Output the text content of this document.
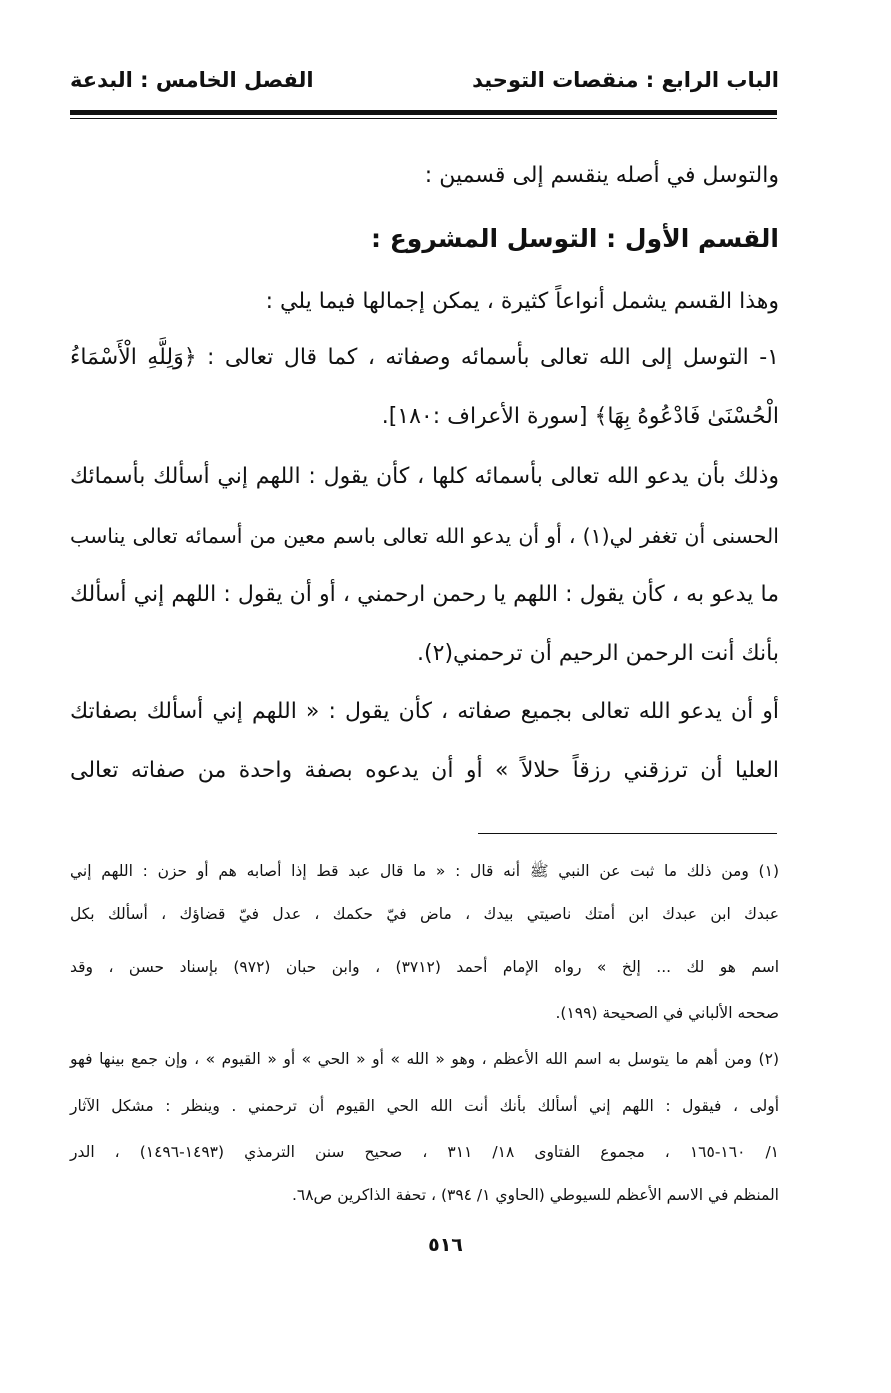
الباب الرابع : منقصات التوحيد
الفصل الخامس : البدعة
والتوسل في أصله ينقسم إلى قسمين :
القسم الأول : التوسل المشروع :
وهذا القسم يشمل أنواعاً كثيرة ، يمكن إجمالها فيما يلي :
١- التوسل إلى الله تعالى بأسمائه وصفاته ، كما قال تعالى : ﴿وَلِلَّهِ الْأَسْمَاءُ
الْحُسْنَىٰ فَادْعُوهُ بِهَا﴾ [سورة الأعراف :١٨٠].
وذلك بأن يدعو الله تعالى بأسمائه كلها ، كأن يقول : اللهم إني أسألك بأسمائك
الحسنى أن تغفر لي(١) ، أو أن يدعو الله تعالى باسم معين من أسمائه تعالى يناسب
ما يدعو به ، كأن يقول : اللهم يا رحمن ارحمني ، أو أن يقول : اللهم إني أسألك
بأنك أنت الرحمن الرحيم أن ترحمني(٢).
أو أن يدعو الله تعالى بجميع صفاته ، كأن يقول : « اللهم إني أسألك بصفاتك
العليا أن ترزقني رزقاً حلالاً » أو أن يدعوه بصفة واحدة من صفاته تعالى
(١) ومن ذلك ما ثبت عن النبي ﷺ أنه قال : « ما قال عبد قط إذا أصابه هم أو حزن : اللهم إني
عبدك ابن عبدك ابن أمتك ناصيتي بيدك ، ماض فيّ حكمك ، عدل فيّ قضاؤك ، أسألك بكل
اسم هو لك ... إلخ » رواه الإمام أحمد (٣٧١٢) ، وابن حبان (٩٧٢) بإسناد حسن ، وقد
صححه الألباني في الصحيحة (١٩٩).
(٢) ومن أهم ما يتوسل به اسم الله الأعظم ، وهو « الله » أو « الحي » أو « القيوم » ، وإن جمع بينها فهو
أولى ، فيقول : اللهم إني أسألك بأنك أنت الله الحي القيوم أن ترحمني . وينظر : مشكل الآثار
١/ ١٦٠-١٦٥ ، مجموع الفتاوى ١٨/ ٣١١ ، صحيح سنن الترمذي (١٤٩٣-١٤٩٦) ، الدر
المنظم في الاسم الأعظم للسيوطي (الحاوي ١/ ٣٩٤) ، تحفة الذاكرين ص٦٨.
٥١٦
